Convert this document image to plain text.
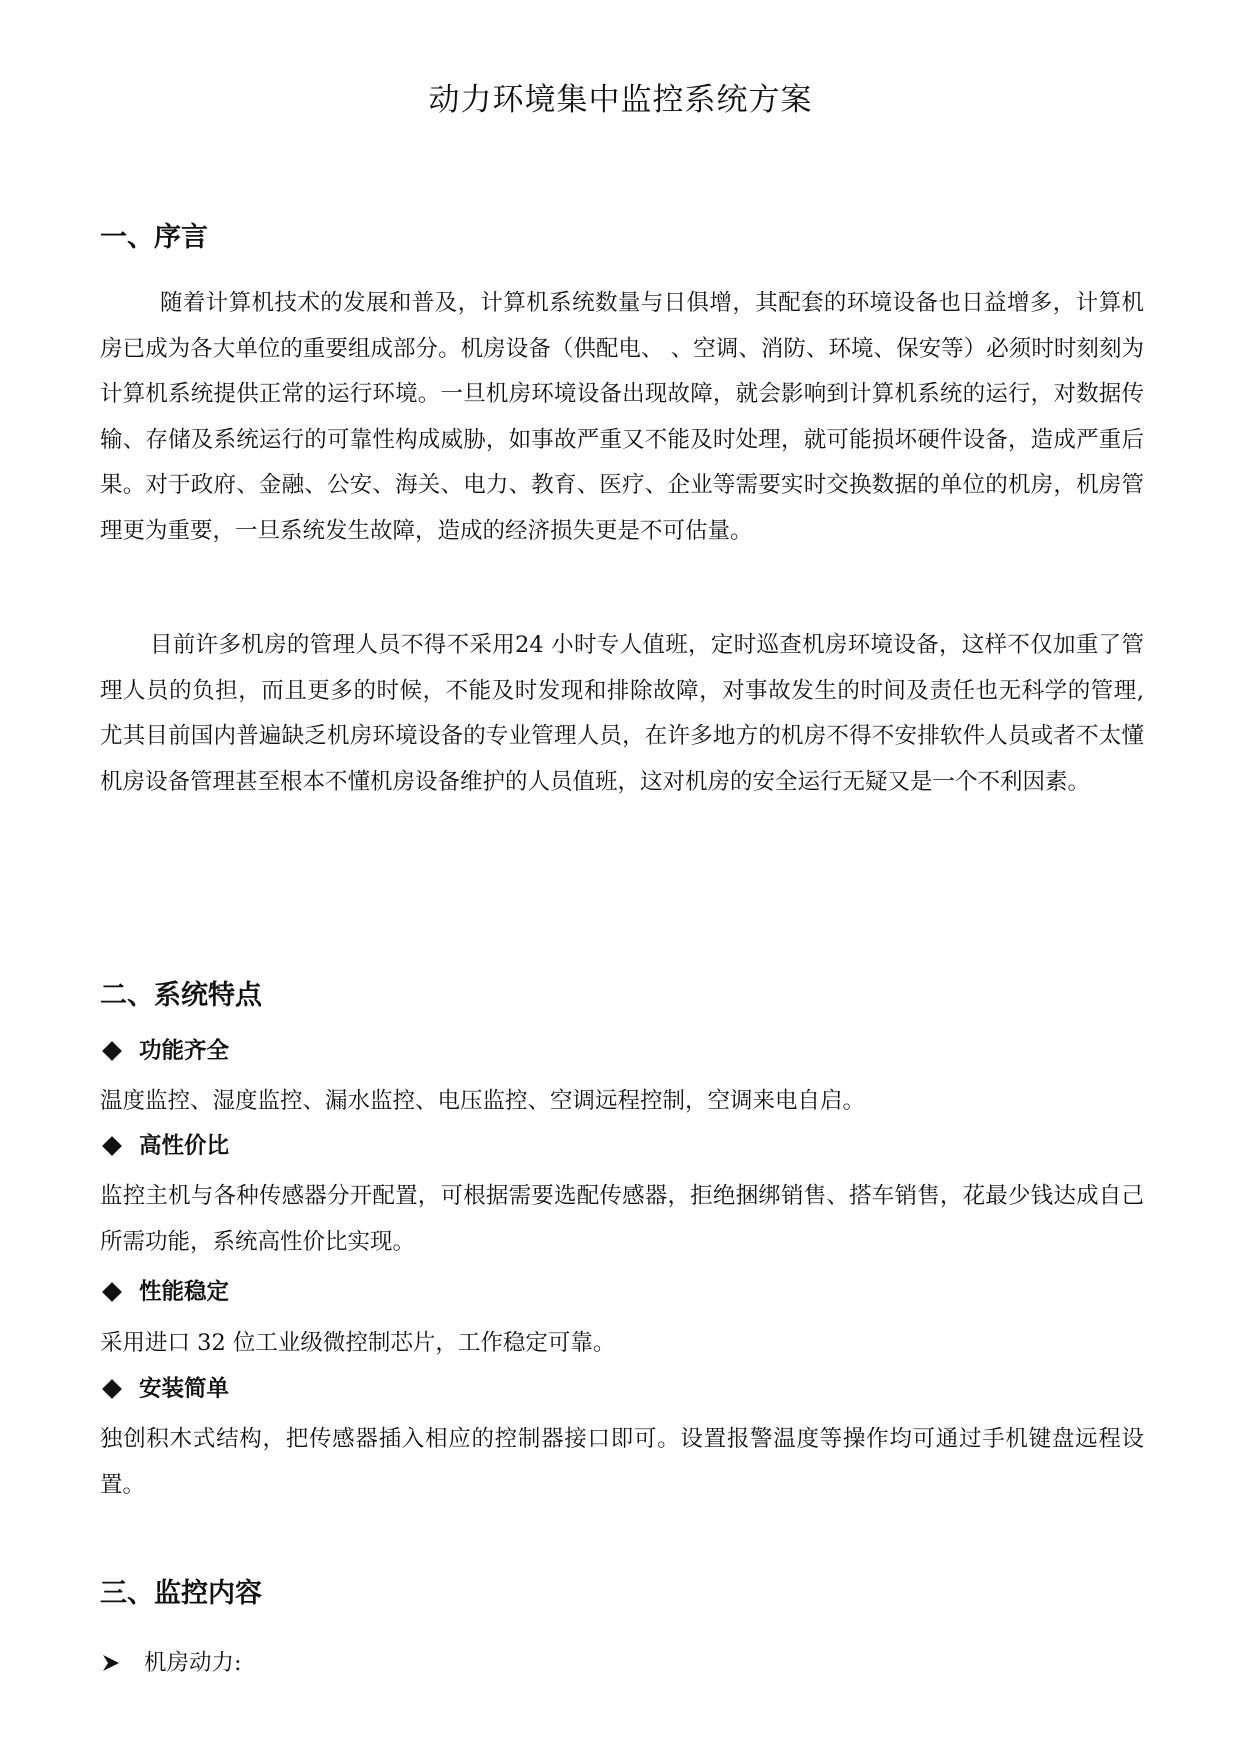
动力环境集中监控系统方案
一、序言

随着计算机技术的发展和普及，计算机系统数量与日俱增，其配套的环境设备也日益增多，计算机房已成为各大单位的重要组成部分。机房设备（供配电、 、空调、消防、环境、保安等）必须时时刻刻为计算机系统提供正常的运行环境。一旦机房环境设备出现故障，就会影响到计算机系统的运行，对数据传输、存储及系统运行的可靠性构成威胁，如事故严重又不能及时处理，就可能损坏硬件设备，造成严重后果。对于政府、金融、公安、海关、电力、教育、医疗、企业等需要实时交换数据的单位的机房，机房管理更为重要，一旦系统发生故障，造成的经济损失更是不可估量。

目前许多机房的管理人员不得不采用24 小时专人值班，定时巡查机房环境设备，这样不仅加重了管理人员的负担，而且更多的时候，不能及时发现和排除故障，对事故发生的时间及责任也无科学的管理, 尤其目前国内普遍缺乏机房环境设备的专业管理人员，在许多地方的机房不得不安排软件人员或者不太懂机房设备管理甚至根本不懂机房设备维护的人员值班，这对机房的安全运行无疑又是一个不利因素。

二、系统特点
功能齐全

温度监控、湿度监控、漏水监控、电压监控、空调远程控制，空调来电自启。

高性价比

监控主机与各种传感器分开配置，可根据需要选配传感器，拒绝捆绑销售、搭车销售，花最少钱达成自己所需功能，系统高性价比实现。

性能稳定

采用进口 32 位工业级微控制芯片，工作稳定可靠。

安装简单

独创积木式结构，把传感器插入相应的控制器接口即可。设置报警温度等操作均可通过手机键盘远程设置。

三、监控内容
机房动力:
